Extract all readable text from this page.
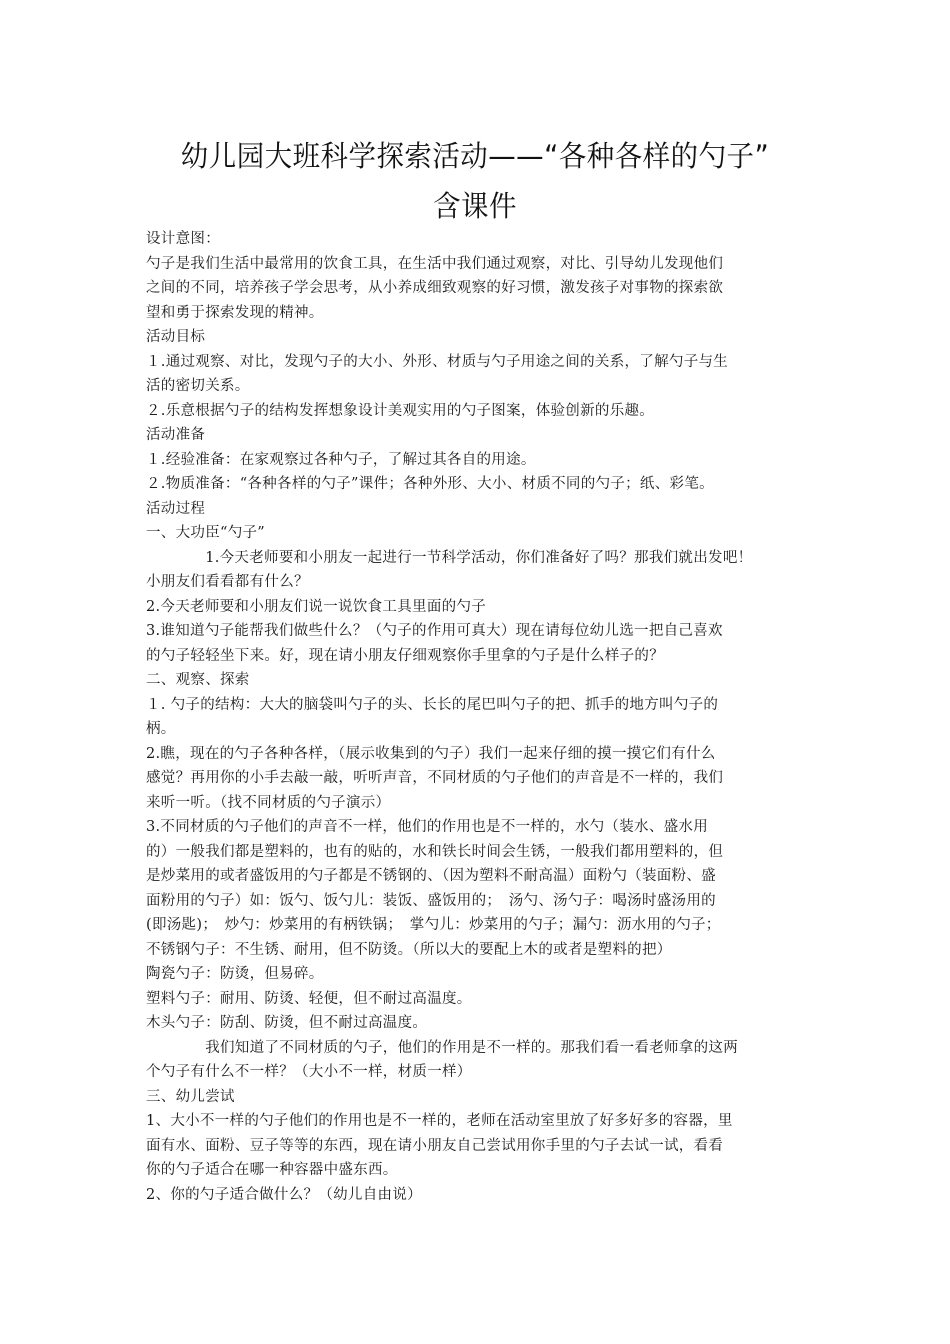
幼儿园大班科学探索活动——“各种各样的勺子”
含课件
设计意图：
勺子是我们生活中最常用的饮食工具，在生活中我们通过观察，对比、引导幼儿发现他们
之间的不同，培养孩子学会思考，从小养成细致观察的好习惯，激发孩子对事物的探索欲
望和勇于探索发现的精神。
活动目标
１.通过观察、对比，发现勺子的大小、外形、材质与勺子用途之间的关系，了解勺子与生
活的密切关系。
２.乐意根据勺子的结构发挥想象设计美观实用的勺子图案，体验创新的乐趣。
活动准备
１.经验准备：在家观察过各种勺子，了解过其各自的用途。
２.物质准备：“各种各样的勺子”课件；各种外形、大小、材质不同的勺子；纸、彩笔。
活动过程
一、大功臣“勺子”
　　　　1.今天老师要和小朋友一起进行一节科学活动，你们准备好了吗？那我们就出发吧！
小朋友们看看都有什么？
2.今天老师要和小朋友们说一说饮食工具里面的勺子
3.谁知道勺子能帮我们做些什么？（勺子的作用可真大）现在请每位幼儿选一把自己喜欢
的勺子轻轻坐下来。好，现在请小朋友仔细观察你手里拿的勺子是什么样子的？
二、观察、探索
１. 勺子的结构：大大的脑袋叫勺子的头、长长的尾巴叫勺子的把、抓手的地方叫勺子的
柄。
2.瞧，现在的勺子各种各样，（展示收集到的勺子）我们一起来仔细的摸一摸它们有什么
感觉？再用你的小手去敲一敲，听听声音，不同材质的勺子他们的声音是不一样的，我们
来听一听。（找不同材质的勺子演示）
3.不同材质的勺子他们的声音不一样，他们的作用也是不一样的，水勺（装水、盛水用
的）一般我们都是塑料的，也有的贴的，水和铁长时间会生锈，一般我们都用塑料的，但
是炒菜用的或者盛饭用的勺子都是不锈钢的、（因为塑料不耐高温）面粉勺（装面粉、盛
面粉用的勺子）如：饭勺、饭勺儿：装饭、盛饭用的；　汤勺、汤勺子：喝汤时盛汤用的
(即汤匙)；　炒勺：炒菜用的有柄铁锅；　掌勺儿：炒菜用的勺子；漏勺：沥水用的勺子；
不锈钢勺子：不生锈、耐用，但不防烫。（所以大的要配上木的或者是塑料的把）
陶瓷勺子：防烫，但易碎。
塑料勺子：耐用、防烫、轻便，但不耐过高温度。
木头勺子：防刮、防烫，但不耐过高温度。
　　　　我们知道了不同材质的勺子，他们的作用是不一样的。那我们看一看老师拿的这两
个勺子有什么不一样？（大小不一样，材质一样）
三、幼儿尝试
1、大小不一样的勺子他们的作用也是不一样的，老师在活动室里放了好多好多的容器，里
面有水、面粉、豆子等等的东西，现在请小朋友自己尝试用你手里的勺子去试一试，看看
你的勺子适合在哪一种容器中盛东西。
2、你的勺子适合做什么？（幼儿自由说）
